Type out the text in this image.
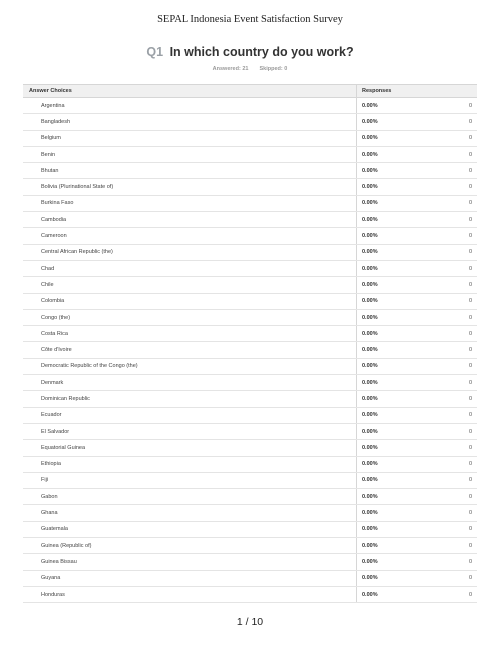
SEPAL Indonesia Event Satisfaction Survey
Q1 In which country do you work?
Answered: 21 Skipped: 0
Answer Choices	Responses
Argentina	0.00%	0
Bangladesh	0.00%	0
Belgium	0.00%	0
Benin	0.00%	0
Bhutan	0.00%	0
Bolivia (Plurinational State of)	0.00%	0
Burkina Faso	0.00%	0
Cambodia	0.00%	0
Cameroon	0.00%	0
Central African Republic (the)	0.00%	0
Chad	0.00%	0
Chile	0.00%	0
Colombia	0.00%	0
Congo (the)	0.00%	0
Costa Rica	0.00%	0
Côte d'Ivoire	0.00%	0
Democratic Republic of the Congo (the)	0.00%	0
Denmark	0.00%	0
Dominican Republic	0.00%	0
Ecuador	0.00%	0
El Salvador	0.00%	0
Equatorial Guinea	0.00%	0
Ethiopia	0.00%	0
Fiji	0.00%	0
Gabon	0.00%	0
Ghana	0.00%	0
Guatemala	0.00%	0
Guinea (Republic of)	0.00%	0
Guinea Bissau	0.00%	0
Guyana	0.00%	0
Honduras	0.00%	0
1 / 10
